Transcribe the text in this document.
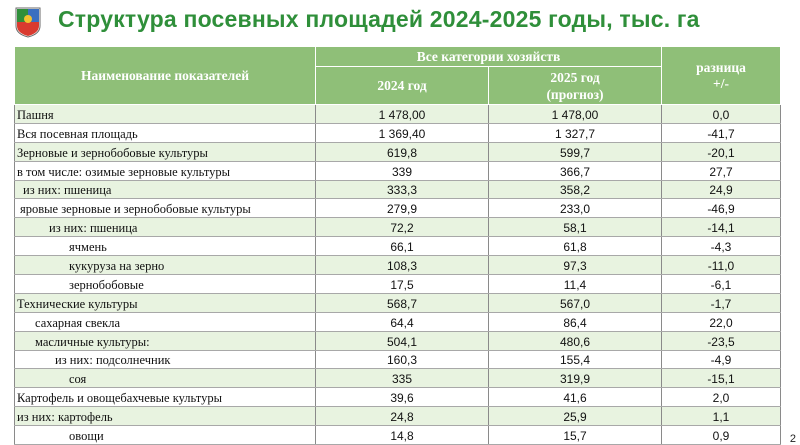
Структура посевных площадей 2024-2025 годы, тыс. га
Наименование показателей	Все категории хозяйств		разница
+/-

	2024 год	2025 год
(прогноз)	

Пашня	1 478,00	1 478,00	0,0
Вся посевная площадь	1 369,40	1 327,7	-41,7
Зерновые и зернобобовые культуры	619,8	599,7	-20,1
в том числе: озимые зерновые культуры	339	366,7	27,7
из них: пшеница	333,3	358,2	24,9
яровые зерновые и зернобобовые культуры	279,9	233,0	-46,9
из них: пшеница	72,2	58,1	-14,1
ячмень	66,1	61,8	-4,3
кукуруза на зерно	108,3	97,3	-11,0
зернобобовые	17,5	11,4	-6,1
Технические культуры	568,7	567,0	-1,7
сахарная свекла	64,4	86,4	22,0
масличные культуры:	504,1	480,6	-23,5
из них: подсолнечник	160,3	155,4	-4,9
соя	335	319,9	-15,1
Картофель и овощебахчевые культуры	39,6	41,6	2,0
из них: картофель	24,8	25,9	1,1
овощи	14,8	15,7	0,9	2
